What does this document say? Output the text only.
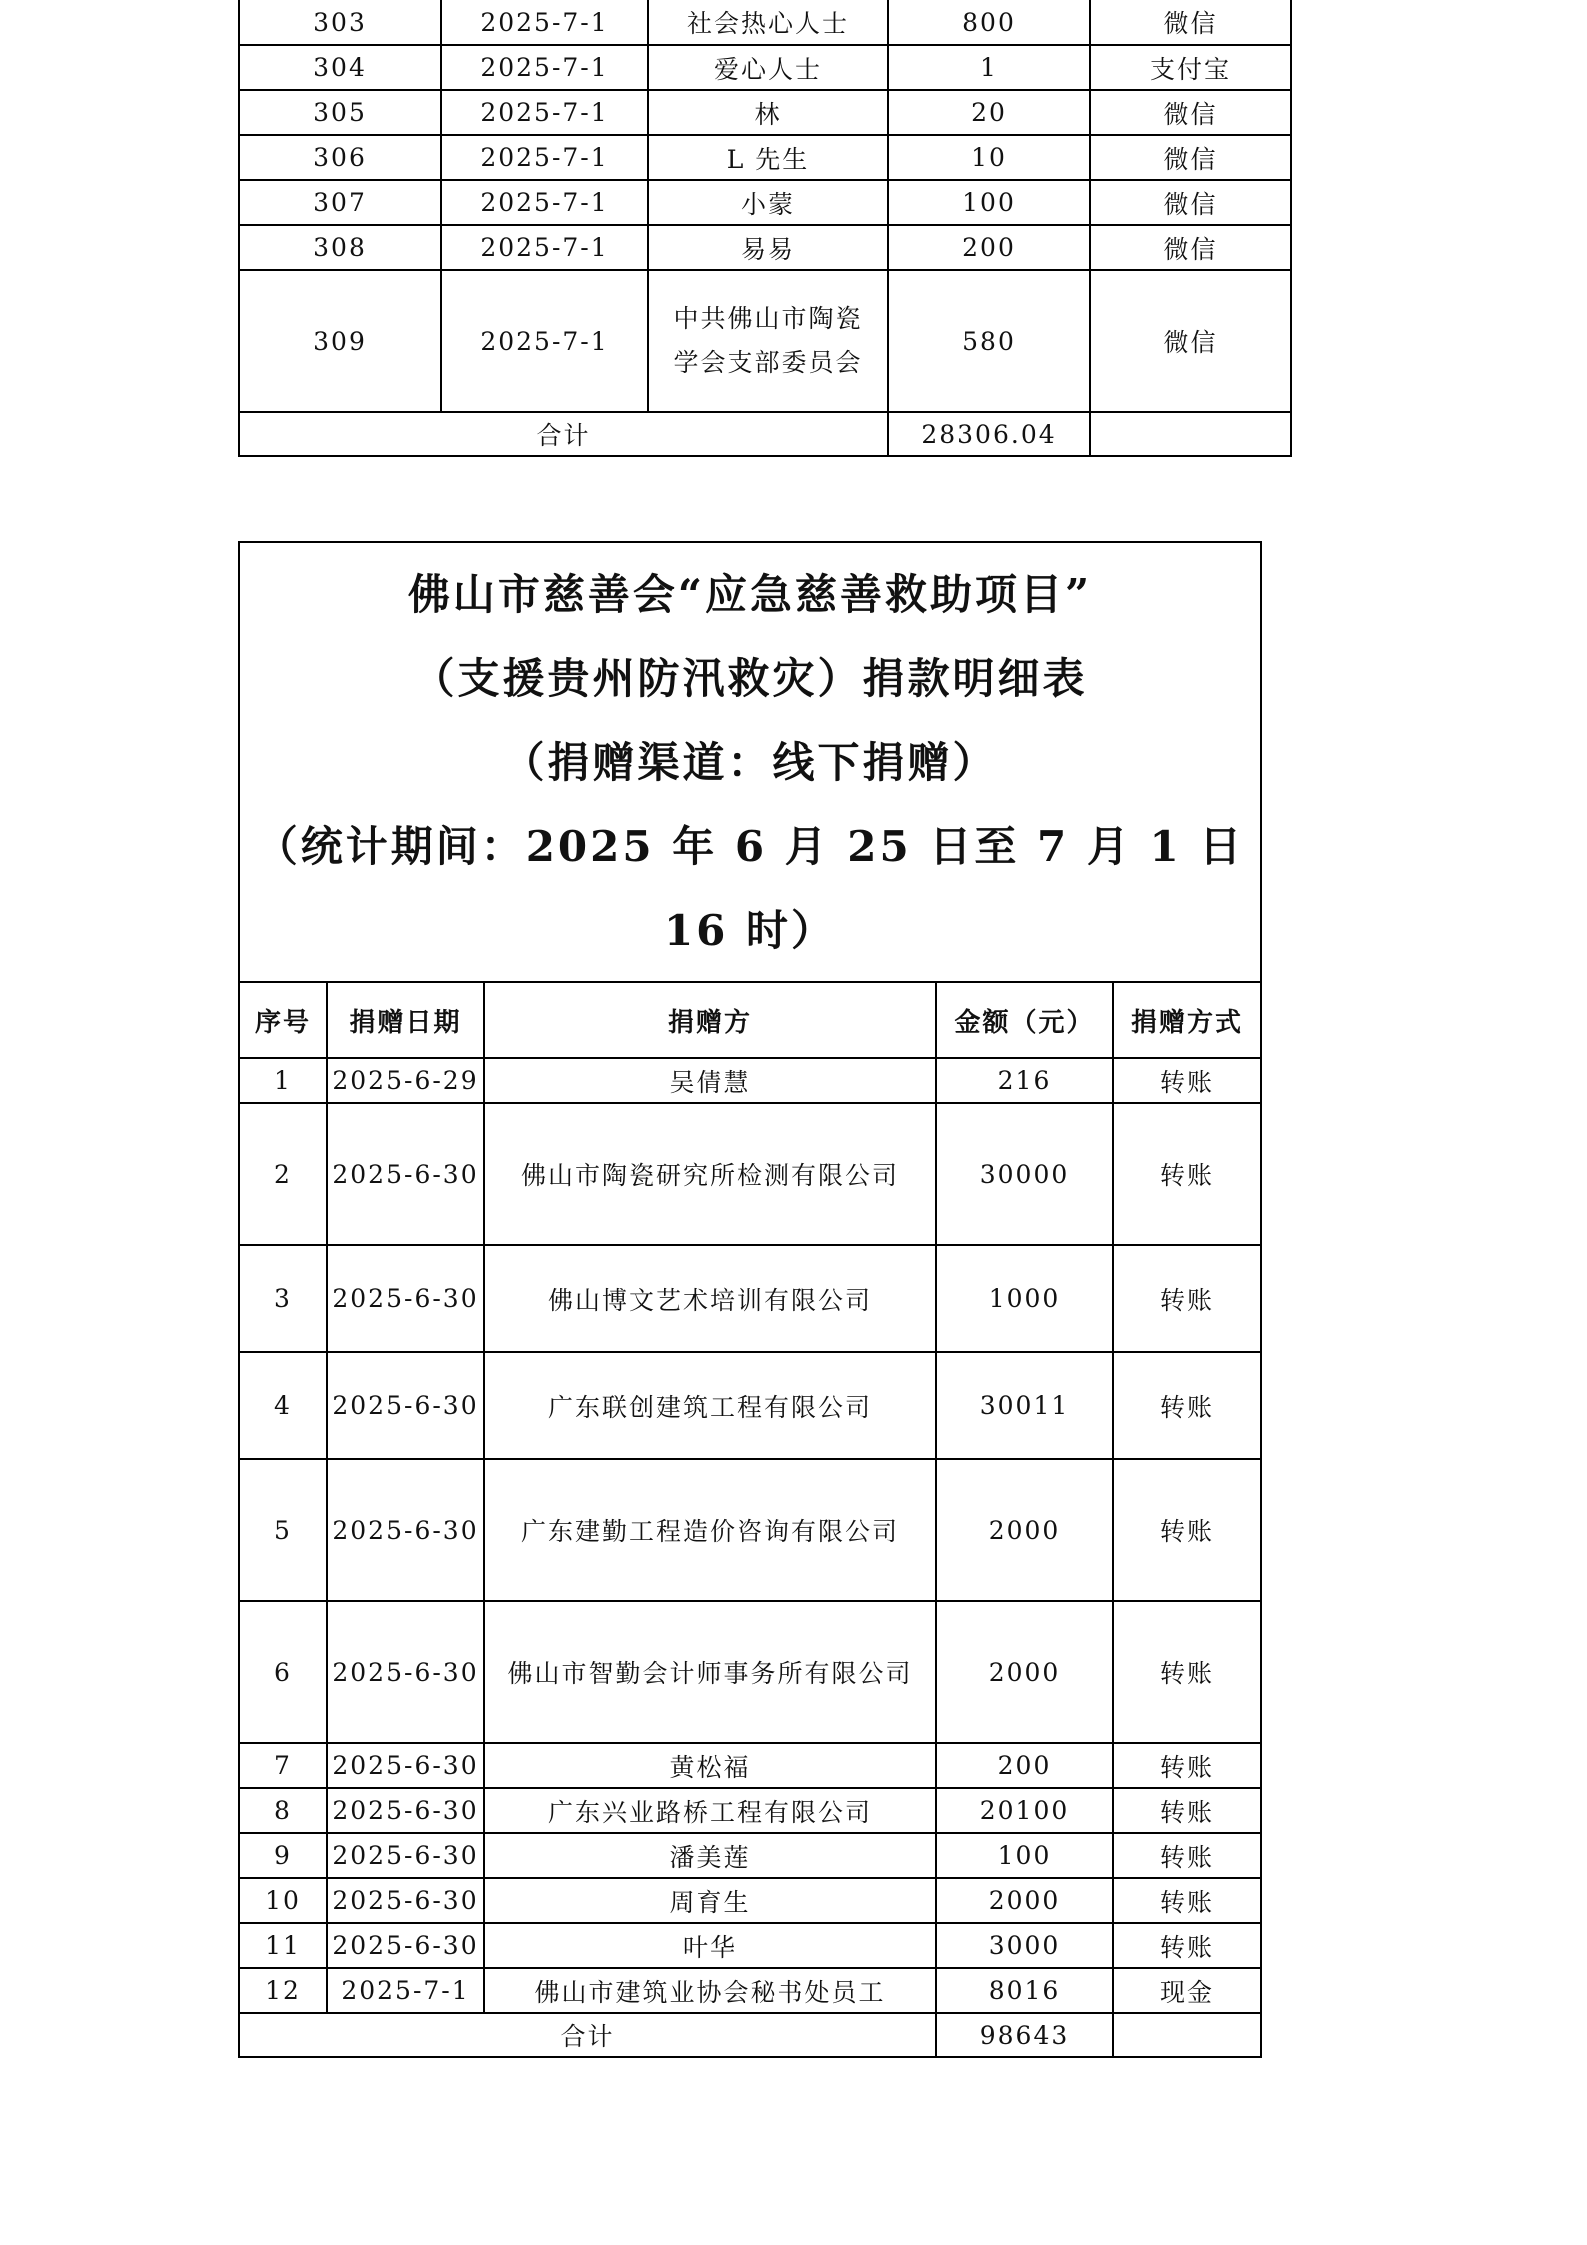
303	2025-7-1	社会热心人士	800	微信
304	2025-7-1	爱心人士	1	支付宝
305	2025-7-1	林	20	微信
306	2025-7-1	L 先生	10	微信
307	2025-7-1	小蒙	100	微信
308	2025-7-1	易易	200	微信
309	2025-7-1	中共佛山市陶瓷
学会支部委员会	580	微信
合计			28306.04	
佛山市慈善会“应急慈善救助项目”
（支援贵州防汛救灾）捐款明细表
（捐赠渠道：线下捐赠）
（统计期间：2025 年 6 月 25 日至 7 月 1 日 16 时）				

序号	捐赠日期	捐赠方	金额（元）	捐赠方式
1	2025-6-29	吴倩慧	216	转账
2	2025-6-30	佛山市陶瓷研究所检测有限公司	30000	转账
3	2025-6-30	佛山博文艺术培训有限公司	1000	转账
4	2025-6-30	广东联创建筑工程有限公司	30011	转账
5	2025-6-30	广东建勤工程造价咨询有限公司	2000	转账
6	2025-6-30	佛山市智勤会计师事务所有限公司	2000	转账
7	2025-6-30	黄松福	200	转账
8	2025-6-30	广东兴业路桥工程有限公司	20100	转账
9	2025-6-30	潘美莲	100	转账
10	2025-6-30	周育生	2000	转账
11	2025-6-30	叶华	3000	转账
12	2025-7-1	佛山市建筑业协会秘书处员工	8016	现金
合计			98643	
